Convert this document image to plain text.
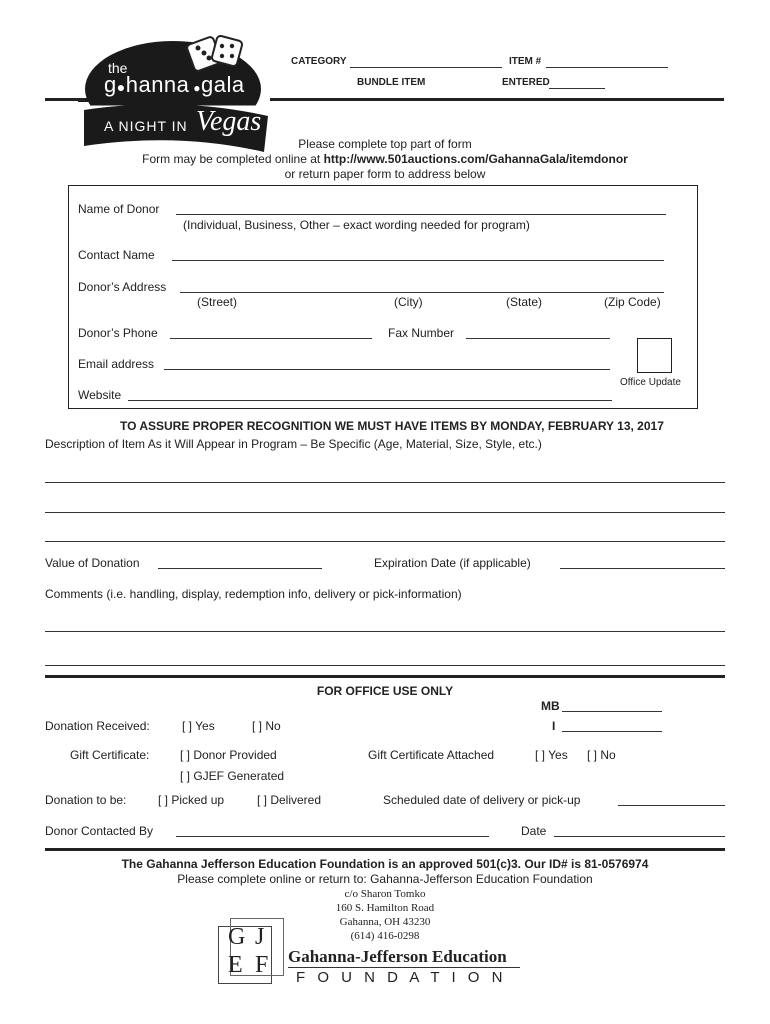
the
g●hanna ●gala
A NIGHT IN Vegas
CATEGORY	ITEM #
BUNDLE ITEM	ENTERED
Please complete top part of form
Form may be completed online at http://www.501auctions.com/GahannaGala/itemdonor
or return paper form to address below
Name of Donor
(Individual, Business, Other – exact wording needed for program)
Contact Name
Donor’s Address
(Street)	(City)	(State)	(Zip Code)
Donor’s Phone	Fax Number
Email address
Office Update
Website
TO ASSURE PROPER RECOGNITION WE MUST HAVE ITEMS BY MONDAY, FEBRUARY 13, 2017
Description of Item As it Will Appear in Program – Be Specific (Age, Material, Size, Style, etc.)
Value of Donation	Expiration Date (if applicable)
Comments (i.e. handling, display, redemption info, delivery or pick-information)
FOR OFFICE USE ONLY
MB
I
Donation Received:	[ ] Yes	[ ] No
Gift Certificate:	[ ] Donor Provided	Gift Certificate Attached	[ ] Yes [ ] No
[ ] GJEF Generated
Donation to be:	[ ] Picked up	[ ] Delivered	Scheduled date of delivery or pick-up
Donor Contacted By	Date
The Gahanna Jefferson Education Foundation is an approved 501(c)3. Our ID# is 81-0576974
Please complete online or return to: Gahanna-Jefferson Education Foundation
c/o Sharon Tomko
160 S. Hamilton Road
Gahanna, OH 43230
(614) 416-0298
G J
E F Gahanna-Jefferson Education
F O U N D A T I O N
